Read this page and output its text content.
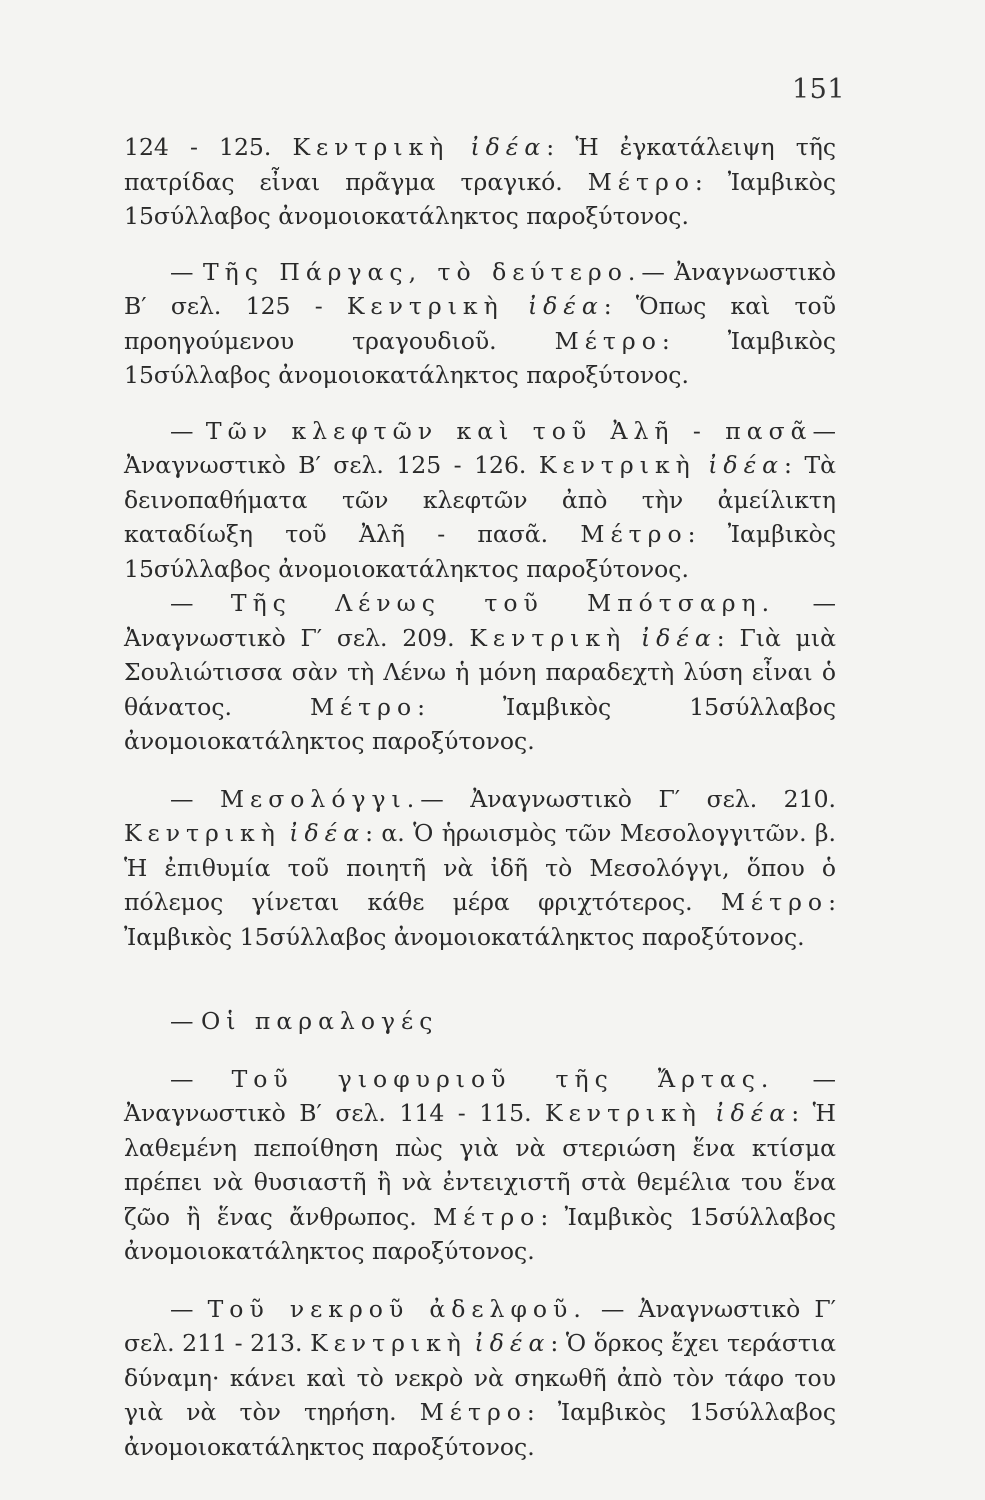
151

124 - 125. Κεντρικὴ ἰδέα: Ἡ ἐγκατάλειψη τῆς πατρίδας εἶναι πρᾶγμα τραγικό. Μέτρο: Ἰαμβικὸς 15σύλλαβος ἀνομοιοκατάληκτος παροξύτονος.

— Τῆς Πάργας, τὸ δεύτερο.— Ἀναγνωστικὸ Β′ σελ. 125 - Κεντρικὴ ἰδέα: Ὅπως καὶ τοῦ προηγούμενου τραγουδιοῦ. Μέτρο: Ἰαμβικὸς 15σύλλαβος ἀνομοιοκατάληκτος παροξύτονος.

— Τῶν κλεφτῶν καὶ τοῦ Ἀλῆ - πασᾶ— Ἀναγνωστικὸ Β′ σελ. 125 - 126. Κεντρικὴ ἰδέα: Τὰ δεινοπαθήματα τῶν κλεφτῶν ἀπὸ τὴν ἀμείλικτη καταδίωξη τοῦ Ἀλῆ - πασᾶ. Μέτρο: Ἰαμβικὸς 15σύλλαβος ἀνομοιοκατάληκτος παροξύτονος.

— Τῆς Λένως τοῦ Μπότσαρη. — Ἀναγνωστικὸ Γ′ σελ. 209. Κεντρικὴ ἰδέα: Γιὰ μιὰ Σουλιώτισσα σὰν τὴ Λένω ἡ μόνη παραδεχτὴ λύση εἶναι ὁ θάνατος. Μέτρο: Ἰαμβικὸς 15σύλλαβος ἀνομοιοκατάληκτος παροξύτονος.

— Μεσολόγγι.— Ἀναγνωστικὸ Γ′ σελ. 210. Κεντρικὴ ἰδέα: α. Ὁ ἡρωισμὸς τῶν Μεσολογγιτῶν. β. Ἡ ἐπιθυμία τοῦ ποιητῆ νὰ ἰδῆ τὸ Μεσολόγγι, ὅπου ὁ πόλεμος γίνεται κάθε μέρα φριχτότερος. Μέτρο: Ἰαμβικὸς 15σύλλαβος ἀνομοιοκατάληκτος παροξύτονος.

— Οἱ παραλογές

— Τοῦ γιοφυριοῦ τῆς Ἄρτας. — Ἀναγνωστικὸ Β′ σελ. 114 - 115. Κεντρικὴ ἰδέα: Ἡ λαθεμένη πεποίθηση πὼς γιὰ νὰ στεριώση ἕνα κτίσμα πρέπει νὰ θυσιαστῆ ἢ νὰ ἐντειχιστῆ στὰ θεμέλια του ἕνα ζῶο ἢ ἕνας ἄνθρωπος. Μέτρο: Ἰαμβικὸς 15σύλλαβος ἀνομοιοκατάληκτος παροξύτονος.

— Τοῦ νεκροῦ ἀδελφοῦ. — Ἀναγνωστικὸ Γ′ σελ. 211 - 213. Κεντρικὴ ἰδέα: Ὁ ὅρκος ἔχει τεράστια δύναμη· κάνει καὶ τὸ νεκρὸ νὰ σηκωθῆ ἀπὸ τὸν τάφο του γιὰ νὰ τὸν τηρήση. Μέτρο: Ἰαμβικὸς 15σύλλαβος ἀνομοιοκατάληκτος παροξύτονος.
